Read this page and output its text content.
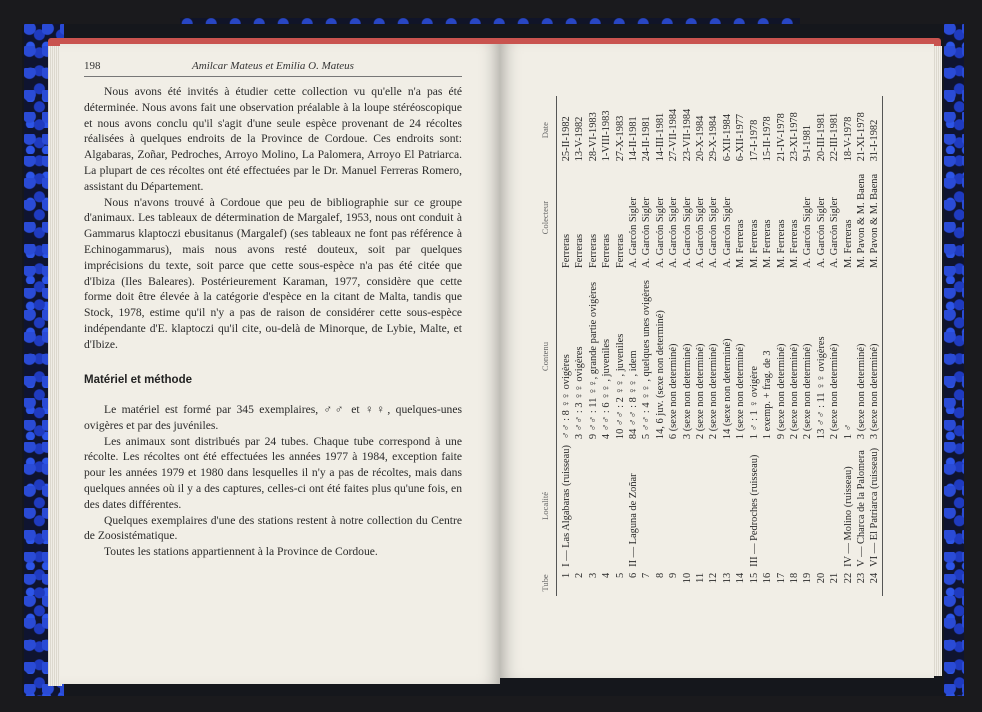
198	Amilcar Mateus et Emilia O. Mateus

Nous avons été invités à étudier cette collection vu qu'elle n'a pas été déterminée. Nous avons fait une observation préalable à la loupe stéréoscopique et nous avons conclu qu'il s'agit d'une seule espèce provenant de 24 récoltes réalisées à quelques endroits de la Province de Cordoue. Ces endroits sont: Algabaras, Zoñar, Pedroches, Arroyo Molino, La Palomera, Arroyo El Patriarca. La plupart de ces récoltes ont été effectuées par le Dr. Manuel Ferreras Romero, assistant du Département.

Nous n'avons trouvé à Cordoue que peu de bibliographie sur ce groupe d'animaux. Les tableaux de détermination de Margalef, 1953, nous ont conduit à Gammarus klaptoczi ebusitanus (Margalef) (ses tableaux ne font pas référence à Echinogammarus), mais nous avons resté douteux, soit par quelques imprécisions du texte, soit parce que cette sous-espèce n'a pas été citée que d'Ibiza (Iles Baleares). Postérieurement Karaman, 1977, considère que cette forme doit être élevée à la catégorie d'espèce en la citant de Malta, tandis que Stock, 1978, estime qu'il n'y a pas de raison de considérer cette sous-espèce indépendante d'E. klaptoczi qu'il cite, ou-delà de Minorque, de Lybie, Malte, et d'Ibize.

Matériel et méthode

Le matériel est formé par 345 exemplaires, ♂♂ et ♀♀, quelques-unes ovigères et par des juvéniles.

Les animaux sont distribués par 24 tubes. Chaque tube correspond à une récolte. Les récoltes ont été effectuées les années 1977 à 1984, exception faite pour les années 1979 et 1980 dans lesquelles il n'y a pas de récoltes, mais dans quelques années où il y a des captures, celles-ci ont été faites plus qu'une fois, en des dates différentes.

Quelques exemplaires d'une des stations restent à notre collection du Centre de Zoosistématique.

Toutes les stations appartiennent à la Province de Cordoue.

Tube	Localité	Contenu	Colecteur	Date
1	I — Las Algabaras (ruisseau)	♂♂ : 8 ♀♀ ovigères	Ferreras	25-II-1982
2		3 ♂♂ : 3 ♀♀ ovigères	Ferreras	13-V-1982
3		9 ♂♂ : 11 ♀♀, grande partie ovigères	Ferreras	28-VI-1983
4		4 ♂♂ : 6 ♀♀ , juveniles	Ferreras	1-VIII-1983
5		10 ♂♂ : 2 ♀♀ , juveniles	Ferreras	27-X-1983
6	II — Laguna de Zoñar	84 ♂♂ : 8 ♀♀ , idem	A. Garcón Sigler	14-II-1981
7		5 ♂♂ : 4 ♀♀ , quelques unes ovigères	A. Garcón Sigler	24-II-1981
8		14, 6 juv. (sexe non determiné)	A. Garcón Sigler	14-III-1981
9		6 (sexe non determiné)	A. Garcón Sigler	27-VII-1984
10		3 (sexe non determiné)	A. Garcón Sigler	23-VII-1984
11		2 (sexe non determiné)	A. Garcón Sigler	20-X-1984
12		2 (sexe non determiné)	A. Garcón Sigler	29-X-1984
13		14 (sexe non determiné)	A. Garcón Sigler	6-XII-1984
14		1 (sexe non determiné)	M. Ferreras	6-XII-1977
15	III — Pedroches (ruisseau)	1 ♂ : 1 ♀ ovigère	M. Ferreras	17-I-1978
16		1 exemp. + frag. de 3	M. Ferreras	15-II-1978
17		9 (sexe non determiné)	M. Ferreras	21-IV-1978
18		2 (sexe non determiné)	M. Ferreras	23-XI-1978
19		2 (sexe non determiné)	A. Garcón Sigler	9-I-1981
20		13 ♂♂ : 11 ♀♀ ovigères	A. Garcón Sigler	20-III-1981
21		2 (sexe non determiné)	A. Garcón Sigler	22-III-1981
22	IV — Molino (ruisseau)	1 ♂	M. Ferreras	18-V-1978
23	V — Charca de la Palomera	3 (sexe non determiné)	M. Pavon & M. Baena	21-XI-1978
24	VI — El Patriarca (ruisseau)	3 (sexe non determiné)	M. Pavon & M. Baena	31-I-1982
